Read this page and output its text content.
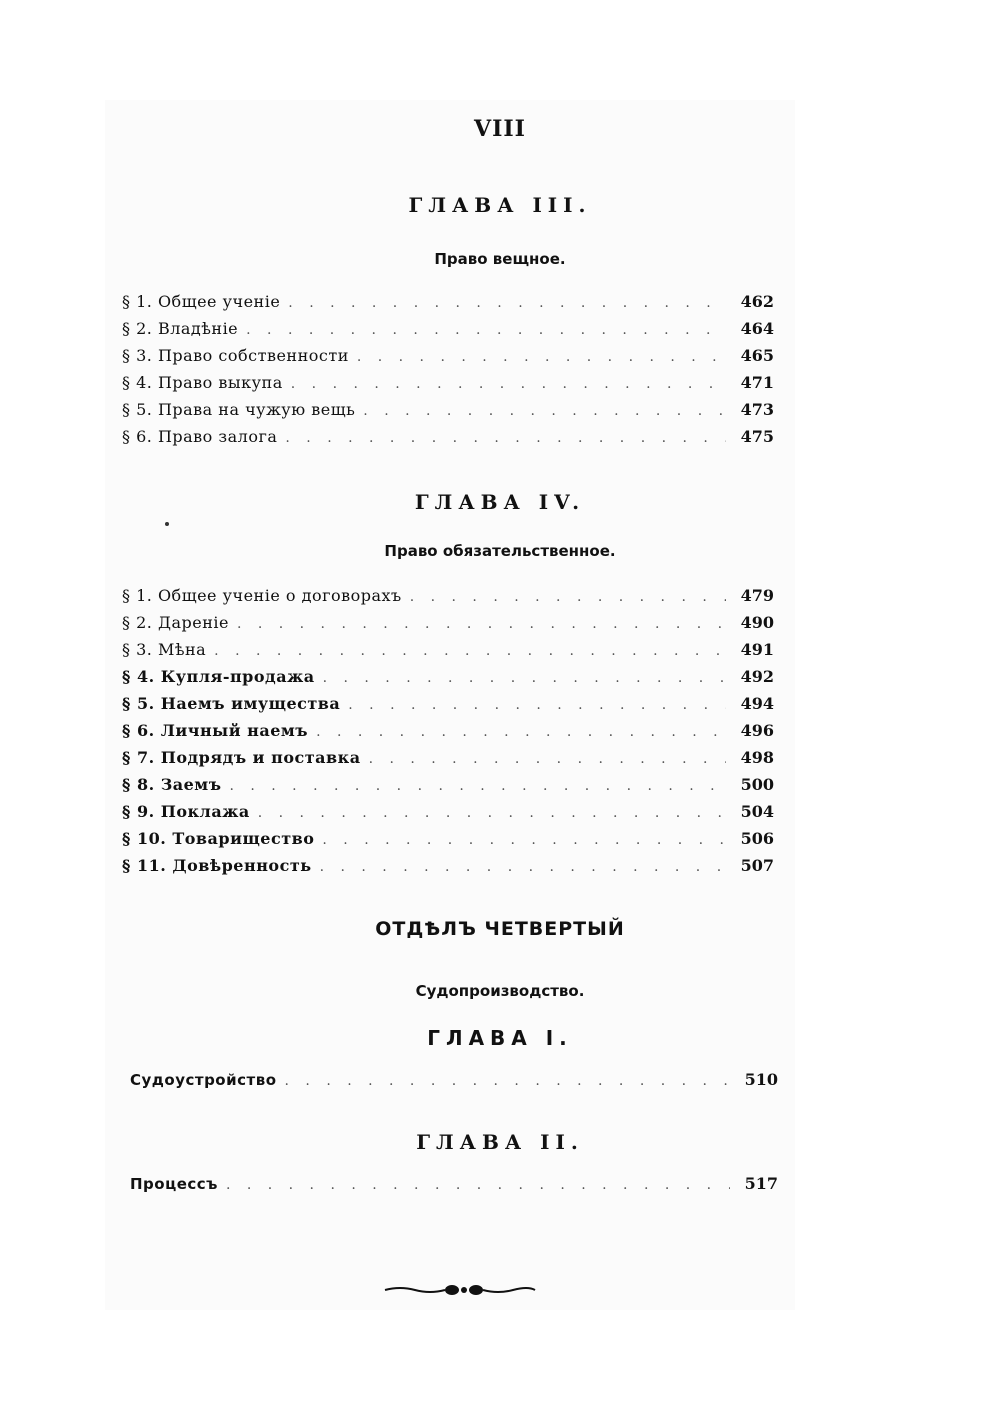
VIII
ГЛАВА III.
Право вещное.
§ 1. Общее ученіе . . .	462
§ 2. Владѣніе . . .	464
§ 3. Право собственности . . .	465
§ 4. Право выкупа . . .	471
§ 5. Права на чужую вещь . . .	473
§ 6. Право залога . . .	475
ГЛАВА IV.
Право обязательственное.
§ 1. Общее ученіе о договорахъ . . .	479
§ 2. Дареніе . . .	490
§ 3. Мѣна . . .	491
§ 4. Купля-продажа . . .	492
§ 5. Наемъ имущества . . .	494
§ 6. Личный наемъ . . .	496
§ 7. Подрядъ и поставка . . .	498
§ 8. Заемъ . . .	500
§ 9. Поклажа . . .	504
§ 10. Товарищество . . .	506
§ 11. Довѣренность . . .	507
ОТДѢЛЪ ЧЕТВЕРТЫЙ
Судопроизводство.
ГЛАВА I.
Судоустройство . . .	510
ГЛАВА II.
Процессъ . . .	517
